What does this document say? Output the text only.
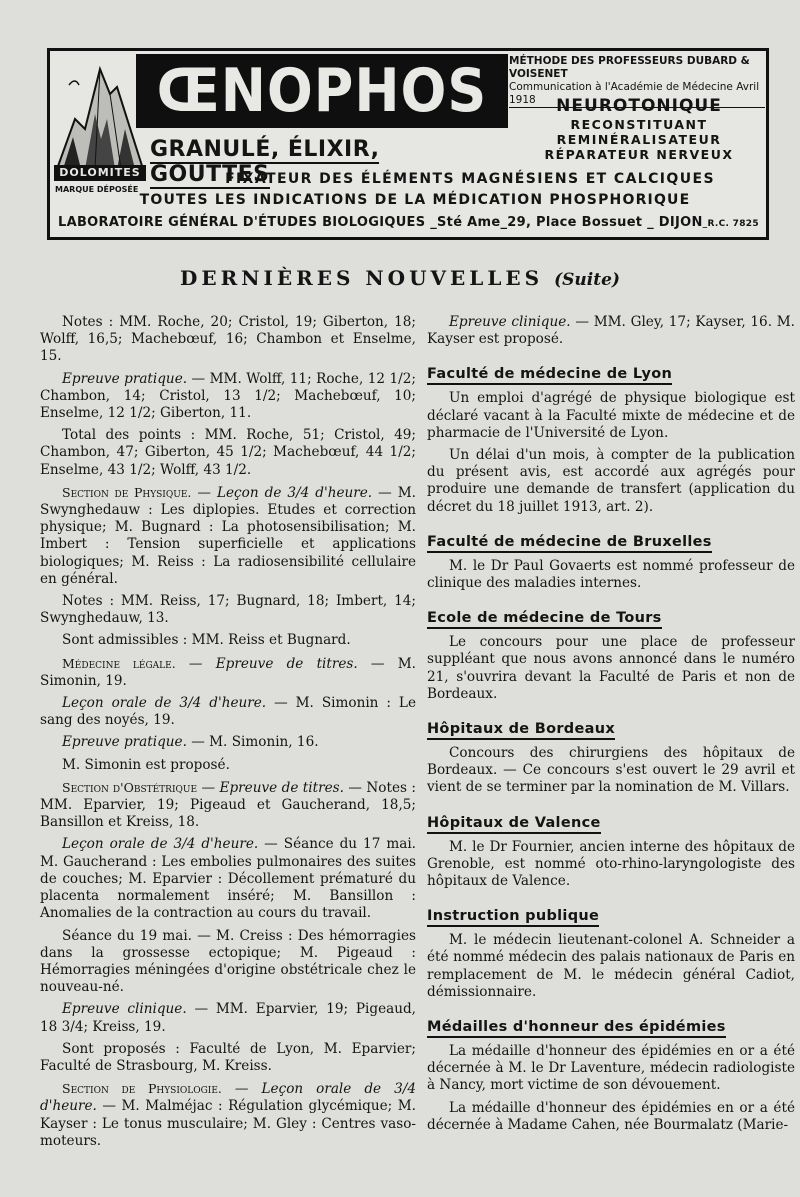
DOLOMITES
MARQUE DÉPOSÉE
ŒNOPHOS
GRANULÉ, ÉLIXIR, GOUTTES
MÉTHODE DES PROFESSEURS DUBARD & VOISENET
Communication à l'Académie de Médecine Avril 1918	NEUROTONIQUE
RECONSTITUANT
REMINÉRALISATEUR
RÉPARATEUR NERVEUX
FIXATEUR DES ÉLÉMENTS MAGNÉSIENS ET CALCIQUES
TOUTES LES INDICATIONS DE LA MÉDICATION PHOSPHORIQUE
LABORATOIRE GÉNÉRAL D'ÉTUDES BIOLOGIQUES _Sté Ame_29, Place Bossuet _ DIJON_R.C. 7825
DERNIÈRES NOUVELLES (Suite)

Notes : MM. Roche, 20; Cristol, 19; Giberton, 18; Wolff, 16,5; Machebœuf, 16; Chambon et Enselme, 15.

Epreuve pratique. — MM. Wolff, 11; Roche, 12 1/2; Chambon, 14; Cristol, 13 1/2; Machebœuf, 10; Enselme, 12 1/2; Giberton, 11.

Total des points : MM. Roche, 51; Cristol, 49; Chambon, 47; Giberton, 45 1/2; Machebœuf, 44 1/2; Enselme, 43 1/2; Wolff, 43 1/2.

Section de Physique. — Leçon de 3/4 d'heure. — M. Swynghedauw : Les diplopies. Etudes et correction physique; M. Bugnard : La photosensibilisation; M. Imbert : Tension superficielle et applications biologiques; M. Reiss : La radiosensibilité cellulaire en général.

Notes : MM. Reiss, 17; Bugnard, 18; Imbert, 14; Swynghedauw, 13.

Sont admissibles : MM. Reiss et Bugnard.

Médecine légale. — Epreuve de titres. — M. Simonin, 19.

Leçon orale de 3/4 d'heure. — M. Simonin : Le sang des noyés, 19.

Epreuve pratique. — M. Simonin, 16.

M. Simonin est proposé.

Section d'Obstétrique — Epreuve de titres. — Notes : MM. Eparvier, 19; Pigeaud et Gaucherand, 18,5; Bansillon et Kreiss, 18.

Leçon orale de 3/4 d'heure. — Séance du 17 mai. M. Gaucherand : Les embolies pulmonaires des suites de couches; M. Eparvier : Décollement prématuré du placenta normalement inséré; M. Bansillon : Anomalies de la contraction au cours du travail.

Séance du 19 mai. — M. Creiss : Des hémorragies dans la grossesse ectopique; M. Pigeaud : Hémorragies méningées d'origine obstétricale chez le nouveau-né.

Epreuve clinique. — MM. Eparvier, 19; Pigeaud, 18 3/4; Kreiss, 19.

Sont proposés : Faculté de Lyon, M. Eparvier; Faculté de Strasbourg, M. Kreiss.

Section de Physiologie. — Leçon orale de 3/4 d'heure. — M. Malméjac : Régulation glycémique; M. Kayser : Le tonus musculaire; M. Gley : Centres vaso-moteurs.

Epreuve clinique. — MM. Gley, 17; Kayser, 16. M. Kayser est proposé.

Faculté de médecine de Lyon

Un emploi d'agrégé de physique biologique est déclaré vacant à la Faculté mixte de médecine et de pharmacie de l'Université de Lyon.

Un délai d'un mois, à compter de la publication du présent avis, est accordé aux agrégés pour produire une demande de transfert (application du décret du 18 juillet 1913, art. 2).

Faculté de médecine de Bruxelles

M. le Dr Paul Govaerts est nommé professeur de clinique des maladies internes.

Ecole de médecine de Tours

Le concours pour une place de professeur suppléant que nous avons annoncé dans le numéro 21, s'ouvrira devant la Faculté de Paris et non de Bordeaux.

Hôpitaux de Bordeaux

Concours des chirurgiens des hôpitaux de Bordeaux. — Ce concours s'est ouvert le 29 avril et vient de se terminer par la nomination de M. Villars.

Hôpitaux de Valence

M. le Dr Fournier, ancien interne des hôpitaux de Grenoble, est nommé oto-rhino-laryngologiste des hôpitaux de Valence.

Instruction publique

M. le médecin lieutenant-colonel A. Schneider a été nommé médecin des palais nationaux de Paris en remplacement de M. le médecin général Cadiot, démissionnaire.

Médailles d'honneur des épidémies

La médaille d'honneur des épidémies en or a été décernée à M. le Dr Laventure, médecin radiologiste à Nancy, mort victime de son dévouement.

La médaille d'honneur des épidémies en or a été décernée à Madame Cahen, née Bourmalatz (Marie-
